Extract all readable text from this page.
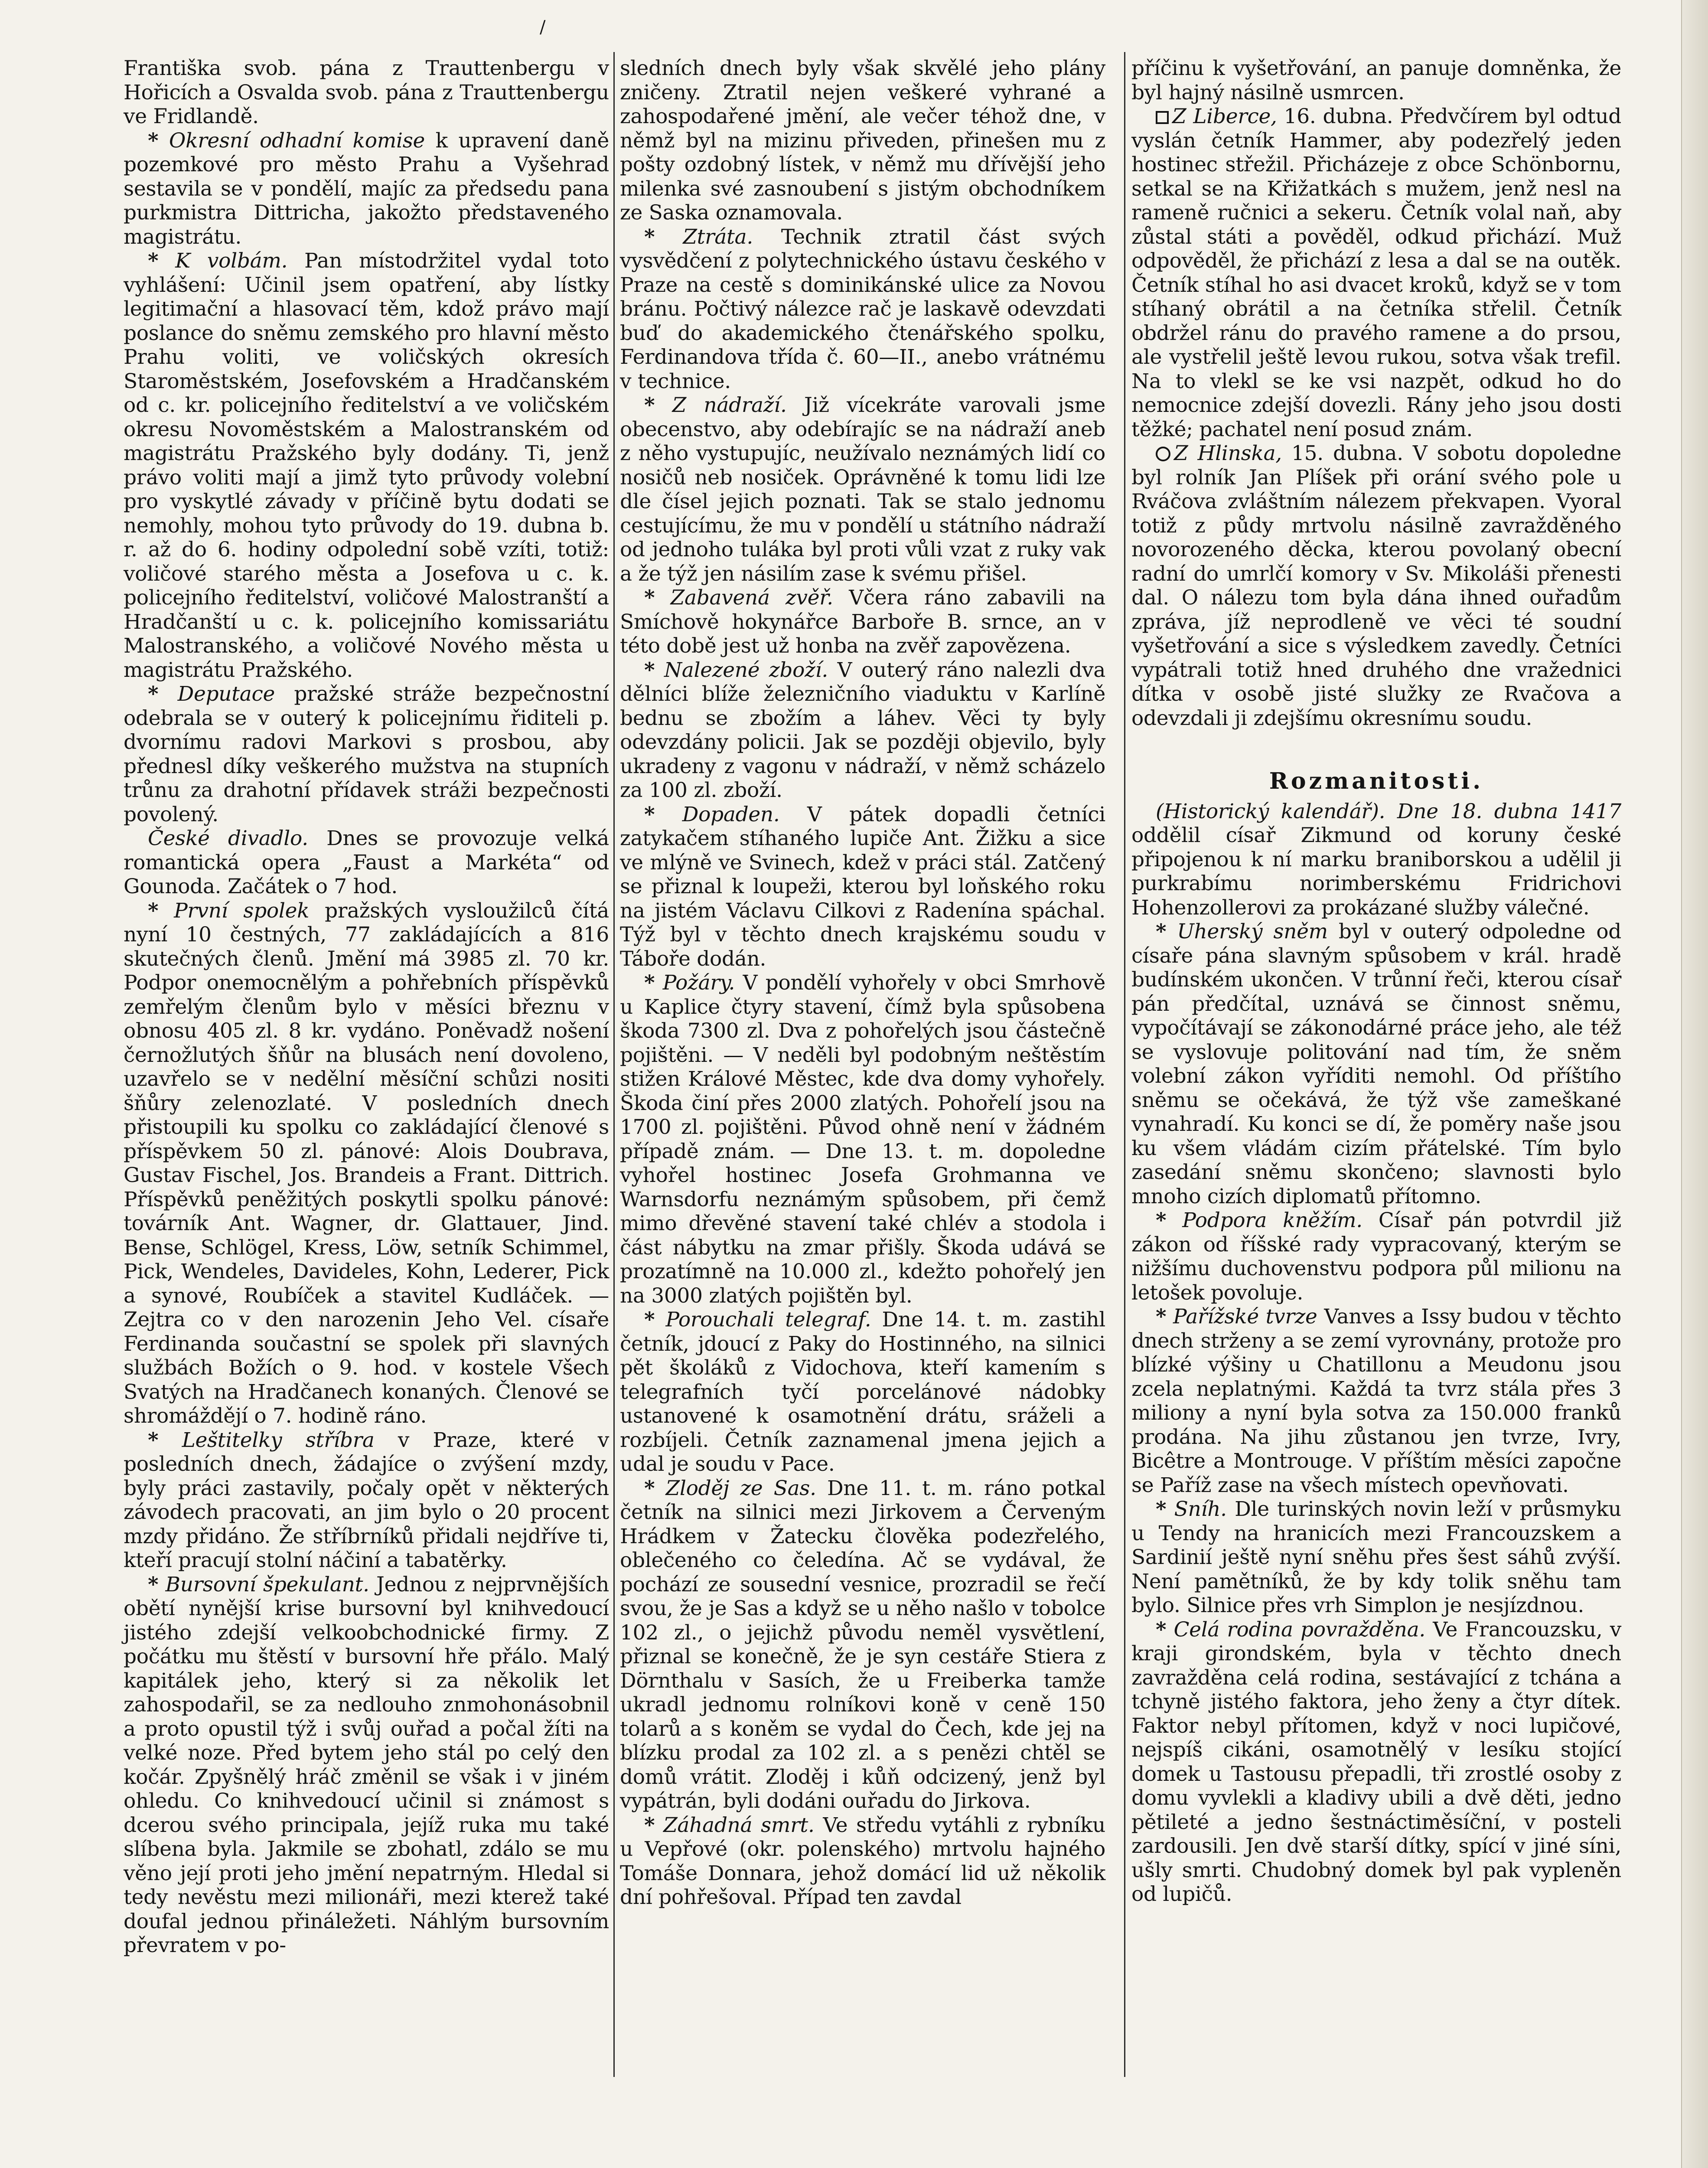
/

Františka svob. pána z Trauttenbergu v Hořicích a Osvalda svob. pána z Trauttenbergu ve Fridlandě.

* Okresní odhadní komise k upravení daně pozemkové pro město Prahu a Vyšehrad sestavila se v pondělí, majíc za předsedu pana purkmistra Dittricha, jakožto představeného magistrátu.

* K volbám. Pan místodržitel vydal toto vyhlášení: Učinil jsem opatření, aby lístky legitimační a hlasovací těm, kdož právo mají poslance do sněmu zemského pro hlavní město Prahu voliti, ve voličských okresích Staroměstském, Josefovském a Hradčanském od c. kr. policejního ředitelství a ve voličském okresu Novoměstském a Malostranském od magistrátu Pražského byly dodány. Ti, jenž právo voliti mají a jimž tyto průvody volební pro vyskytlé závady v příčině bytu dodati se nemohly, mohou tyto průvody do 19. dubna b. r. až do 6. hodiny odpolední sobě vzíti, totiž: voličové starého města a Josefova u c. k. policejního ředitelství, voličové Malostranští a Hradčanští u c. k. policejního komissariátu Malostranského, a voličové Nového města u magistrátu Pražského.

* Deputace pražské stráže bezpečnostní odebrala se v outerý k policejnímu řiditeli p. dvornímu radovi Markovi s prosbou, aby přednesl díky veškerého mužstva na stupních trůnu za drahotní přídavek stráži bezpečnosti povolený.

České divadlo. Dnes se provozuje velká romantická opera „Faust a Markéta“ od Gounoda. Začátek o 7 hod.

* První spolek pražských vysloužilců čítá nyní 10 čestných, 77 zakládajících a 816 skutečných členů. Jmění má 3985 zl. 70 kr. Podpor onemocnělým a pohřebních příspěvků zemřelým členům bylo v měsíci březnu v obnosu 405 zl. 8 kr. vydáno. Poněvadž nošení černožlutých šňůr na blusách není dovoleno, uzavřelo se v nedělní měsíční schůzi nositi šňůry zelenozlaté. V posledních dnech přistoupili ku spolku co zakládající členové s příspěvkem 50 zl. pánové: Alois Doubrava, Gustav Fischel, Jos. Brandeis a Frant. Dittrich. Příspěvků peněžitých poskytli spolku pánové: továrník Ant. Wagner, dr. Glattauer, Jind. Bense, Schlögel, Kress, Löw, setník Schimmel, Pick, Wendeles, Davideles, Kohn, Lederer, Pick a synové, Roubíček a stavitel Kudláček. — Zejtra co v den narozenin Jeho Vel. císaře Ferdinanda součastní se spolek při slavných službách Božích o 9. hod. v kostele Všech Svatých na Hradčanech konaných. Členové se shromáždějí o 7. hodině ráno.

* Leštitelky stříbra v Praze, které v posledních dnech, žádajíce o zvýšení mzdy, byly práci zastavily, počaly opět v některých závodech pracovati, an jim bylo o 20 procent mzdy přidáno. Že stříbrníků přidali nejdříve ti, kteří pracují stolní náčiní a tabatěrky.

* Bursovní špekulant. Jednou z nejprvnějších obětí nynější krise bursovní byl knihvedoucí jistého zdejší velkoobchodnické firmy. Z počátku mu štěstí v bursovní hře přálo. Malý kapitálek jeho, který si za několik let zahospodařil, se za nedlouho znmohonásobnil a proto opustil týž i svůj ouřad a počal žíti na velké noze. Před bytem jeho stál po celý den kočár. Zpyšnělý hráč změnil se však i v jiném ohledu. Co knihvedoucí učinil si známost s dcerou svého principala, jejíž ruka mu také slíbena byla. Jakmile se zbohatl, zdálo se mu věno její proti jeho jmění nepatrným. Hledal si tedy nevěstu mezi milionáři, mezi kterež také doufal jednou přináležeti. Náhlým bursovním převratem v po-

sledních dnech byly však skvělé jeho plány zničeny. Ztratil nejen veškeré vyhrané a zahospodařené jmění, ale večer téhož dne, v němž byl na mizinu přiveden, přinešen mu z pošty ozdobný lístek, v němž mu dřívější jeho milenka své zasnoubení s jistým obchodníkem ze Saska oznamovala.

* Ztráta. Technik ztratil část svých vysvědčení z polytechnického ústavu českého v Praze na cestě s dominikánské ulice za Novou bránu. Počtivý nálezce rač je laskavě odevzdati buď do akademického čtenářského spolku, Ferdinandova třída č. 60—II., anebo vrátnému v technice.

* Z nádraží. Již vícekráte varovali jsme obecenstvo, aby odebírajíc se na nádraží aneb z něho vystupujíc, neužívalo neznámých lidí co nosičů neb nosiček. Oprávněné k tomu lidi lze dle čísel jejich poznati. Tak se stalo jednomu cestujícímu, že mu v pondělí u státního nádraží od jednoho tuláka byl proti vůli vzat z ruky vak a že týž jen násilím zase k svému přišel.

* Zabavená zvěř. Včera ráno zabavili na Smíchově hokynářce Barboře B. srnce, an v této době jest už honba na zvěř zapovězena.

* Nalezené zboží. V outerý ráno nalezli dva dělníci blíže železničního viaduktu v Karlíně bednu se zbožím a láhev. Věci ty byly odevzdány policii. Jak se později objevilo, byly ukradeny z vagonu v nádraží, v němž scházelo za 100 zl. zboží.

* Dopaden. V pátek dopadli četníci zatykačem stíhaného lupiče Ant. Žižku a sice ve mlýně ve Svinech, kdež v práci stál. Zatčený se přiznal k loupeži, kterou byl loňského roku na jistém Václavu Cilkovi z Radenína spáchal. Týž byl v těchto dnech krajskému soudu v Táboře dodán.

* Požáry. V pondělí vyhořely v obci Smrhově u Kaplice čtyry stavení, čímž byla spůsobena škoda 7300 zl. Dva z pohořelých jsou částečně pojištěni. — V neděli byl podobným neštěstím stižen Králové Městec, kde dva domy vyhořely. Škoda činí přes 2000 zlatých. Pohořelí jsou na 1700 zl. pojištěni. Původ ohně není v žádném případě znám. — Dne 13. t. m. dopoledne vyhořel hostinec Josefa Grohmanna ve Warnsdorfu neznámým spůsobem, při čemž mimo dřevěné stavení také chlév a stodola i část nábytku na zmar přišly. Škoda udává se prozatímně na 10.000 zl., kdežto pohořelý jen na 3000 zlatých pojištěn byl.

* Porouchali telegraf. Dne 14. t. m. zastihl četník, jdoucí z Paky do Hostinného, na silnici pět školáků z Vidochova, kteří kamením s telegrafních tyčí porcelánové nádobky ustanovené k osamotnění drátu, sráželi a rozbíjeli. Četník zaznamenal jmena jejich a udal je soudu v Pace.

* Zloděj ze Sas. Dne 11. t. m. ráno potkal četník na silnici mezi Jirkovem a Červeným Hrádkem v Žatecku člověka podezřelého, oblečeného co čeledína. Ač se vydával, že pochází ze sousední vesnice, prozradil se řečí svou, že je Sas a když se u něho našlo v tobolce 102 zl., o jejichž původu neměl vysvětlení, přiznal se konečně, že je syn cestáře Stiera z Dörnthalu v Sasích, že u Freiberka tamže ukradl jednomu rolníkovi koně v ceně 150 tolarů a s koněm se vydal do Čech, kde jej na blízku prodal za 102 zl. a s penězi chtěl se domů vrátit. Zloděj i kůň odcizený, jenž byl vypátrán, byli dodáni ouřadu do Jirkova.

* Záhadná smrt. Ve středu vytáhli z rybníku u Vepřové (okr. polenského) mrtvolu hajného Tomáše Donnara, jehož domácí lid už několik dní pohřešoval. Případ ten zavdal

příčinu k vyšetřování, an panuje domněnka, že byl hajný násilně usmrcen.

Z Liberce, 16. dubna. Předvčírem byl odtud vyslán četník Hammer, aby podezřelý jeden hostinec střežil. Přicházeje z obce Schönbornu, setkal se na Křižatkách s mužem, jenž nesl na rameně ručnici a sekeru. Četník volal naň, aby zůstal státi a pověděl, odkud přichází. Muž odpověděl, že přichází z lesa a dal se na outěk. Četník stíhal ho asi dvacet kroků, když se v tom stíhaný obrátil a na četníka střelil. Četník obdržel ránu do pravého ramene a do prsou, ale vystřelil ještě levou rukou, sotva však trefil. Na to vlekl se ke vsi nazpět, odkud ho do nemocnice zdejší dovezli. Rány jeho jsou dosti těžké; pachatel není posud znám.

Z Hlinska, 15. dubna. V sobotu dopoledne byl rolník Jan Plíšek při orání svého pole u Rváčova zvláštním nálezem překvapen. Vyoral totiž z půdy mrtvolu násilně zavražděného novorozeného děcka, kterou povolaný obecní radní do umrlčí komory v Sv. Mikoláši přenesti dal. O nálezu tom byla dána ihned ouřadům zpráva, jíž neprodleně ve věci té soudní vyšetřování a sice s výsledkem zavedly. Četníci vypátrali totiž hned druhého dne vražednici dítka v osobě jisté služky ze Rvačova a odevzdali ji zdejšímu okresnímu soudu.

Rozmanitosti.

(Historický kalendář). Dne 18. dubna 1417 oddělil císař Zikmund od koruny české připojenou k ní marku braniborskou a udělil ji purkrabímu norimberskému Fridrichovi Hohenzollerovi za prokázané služby válečné.

* Uherský sněm byl v outerý odpoledne od císaře pána slavným spůsobem v král. hradě budínském ukončen. V trůnní řeči, kterou císař pán předčítal, uznává se činnost sněmu, vypočítávají se zákonodárné práce jeho, ale též se vyslovuje politování nad tím, že sněm volební zákon vyříditi nemohl. Od příštího sněmu se očekává, že týž vše zameškané vynahradí. Ku konci se dí, že poměry naše jsou ku všem vládám cizím přátelské. Tím bylo zasedání sněmu skončeno; slavnosti bylo mnoho cizích diplomatů přítomno.

* Podpora kněžím. Císař pán potvrdil již zákon od říšské rady vypracovaný, kterým se nižšímu duchovenstvu podpora půl milionu na letošek povoluje.

* Pařížské tvrze Vanves a Issy budou v těchto dnech strženy a se zemí vyrovnány, protože pro blízké výšiny u Chatillonu a Meudonu jsou zcela neplatnými. Každá ta tvrz stála přes 3 miliony a nyní byla sotva za 150.000 franků prodána. Na jihu zůstanou jen tvrze, Ivry, Bicêtre a Montrouge. V příštím měsíci započne se Paříž zase na všech místech opevňovati.

* Sníh. Dle turinských novin leží v průsmyku u Tendy na hranicích mezi Francouzskem a Sardinií ještě nyní sněhu přes šest sáhů zvýší. Není pamětníků, že by kdy tolik sněhu tam bylo. Silnice přes vrh Simplon je nesjízdnou.

* Celá rodina povražděna. Ve Francouzsku, v kraji girondském, byla v těchto dnech zavražděna celá rodina, sestávající z tchána a tchyně jistého faktora, jeho ženy a čtyr dítek. Faktor nebyl přítomen, když v noci lupičové, nejspíš cikáni, osamotnělý v lesíku stojící domek u Tastousu přepadli, tři zrostlé osoby z domu vyvlekli a kladivy ubili a dvě děti, jedno pětileté a jedno šestnáctiměsíční, v posteli zardousili. Jen dvě starší dítky, spící v jiné síni, ušly smrti. Chudobný domek byl pak vypleněn od lupičů.
